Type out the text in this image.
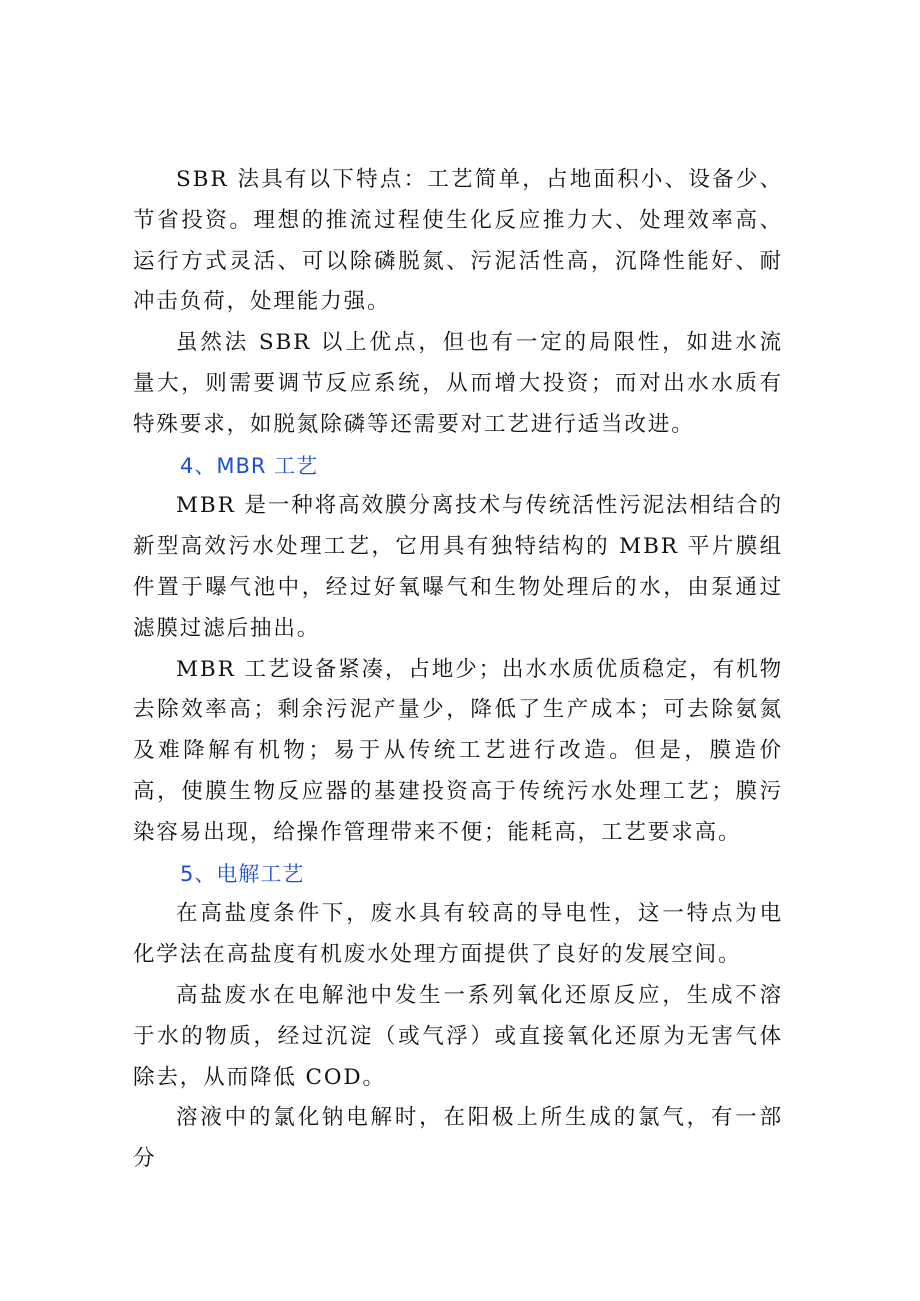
SBR 法具有以下特点：工艺简单，占地面积小、设备少、节省投资。理想的推流过程使生化反应推力大、处理效率高、运行方式灵活、可以除磷脱氮、污泥活性高，沉降性能好、耐冲击负荷，处理能力强。

虽然法 SBR 以上优点，但也有一定的局限性，如进水流量大，则需要调节反应系统，从而增大投资；而对出水水质有特殊要求，如脱氮除磷等还需要对工艺进行适当改进。

4、MBR 工艺

MBR 是一种将高效膜分离技术与传统活性污泥法相结合的新型高效污水处理工艺，它用具有独特结构的 MBR 平片膜组件置于曝气池中，经过好氧曝气和生物处理后的水，由泵通过滤膜过滤后抽出。

MBR 工艺设备紧凑，占地少；出水水质优质稳定，有机物去除效率高；剩余污泥产量少，降低了生产成本；可去除氨氮及难降解有机物；易于从传统工艺进行改造。但是，膜造价高，使膜生物反应器的基建投资高于传统污水处理工艺；膜污染容易出现，给操作管理带来不便；能耗高，工艺要求高。

5、电解工艺

在高盐度条件下，废水具有较高的导电性，这一特点为电化学法在高盐度有机废水处理方面提供了良好的发展空间。

高盐废水在电解池中发生一系列氧化还原反应，生成不溶于水的物质，经过沉淀（或气浮）或直接氧化还原为无害气体除去，从而降低 COD。

溶液中的氯化钠电解时，在阳极上所生成的氯气，有一部分
